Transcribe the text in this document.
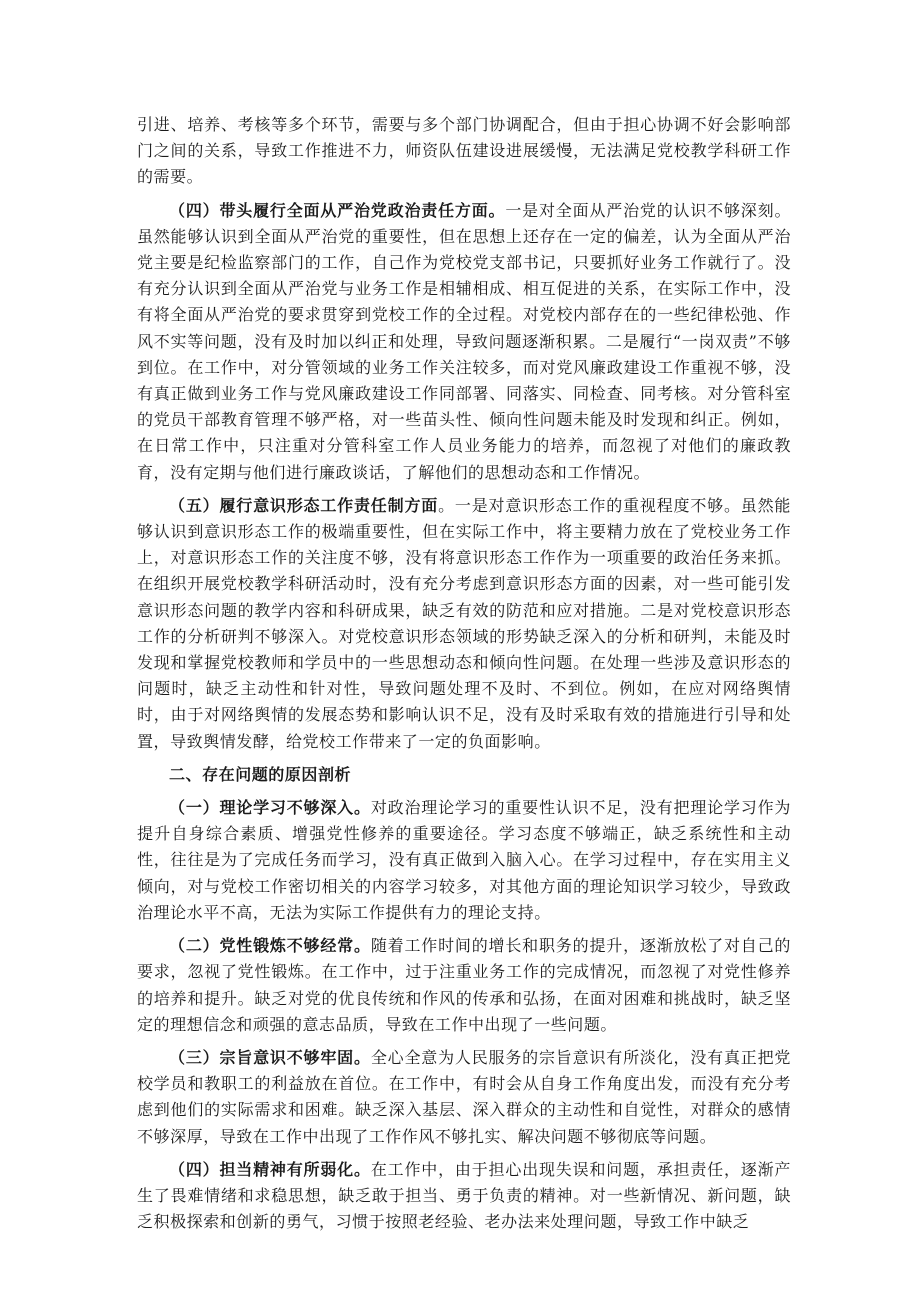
引进、培养、考核等多个环节，需要与多个部门协调配合，但由于担心协调不好会影响部门之间的关系，导致工作推进不力，师资队伍建设进展缓慢，无法满足党校教学科研工作的需要。

（四）带头履行全面从严治党政治责任方面。一是对全面从严治党的认识不够深刻。虽然能够认识到全面从严治党的重要性，但在思想上还存在一定的偏差，认为全面从严治党主要是纪检监察部门的工作，自己作为党校党支部书记，只要抓好业务工作就行了。没有充分认识到全面从严治党与业务工作是相辅相成、相互促进的关系，在实际工作中，没有将全面从严治党的要求贯穿到党校工作的全过程。对党校内部存在的一些纪律松弛、作风不实等问题，没有及时加以纠正和处理，导致问题逐渐积累。二是履行“一岗双责”不够到位。在工作中，对分管领域的业务工作关注较多，而对党风廉政建设工作重视不够，没有真正做到业务工作与党风廉政建设工作同部署、同落实、同检查、同考核。对分管科室的党员干部教育管理不够严格，对一些苗头性、倾向性问题未能及时发现和纠正。例如，在日常工作中，只注重对分管科室工作人员业务能力的培养，而忽视了对他们的廉政教育，没有定期与他们进行廉政谈话，了解他们的思想动态和工作情况。

（五）履行意识形态工作责任制方面。一是对意识形态工作的重视程度不够。虽然能够认识到意识形态工作的极端重要性，但在实际工作中，将主要精力放在了党校业务工作上，对意识形态工作的关注度不够，没有将意识形态工作作为一项重要的政治任务来抓。在组织开展党校教学科研活动时，没有充分考虑到意识形态方面的因素，对一些可能引发意识形态问题的教学内容和科研成果，缺乏有效的防范和应对措施。二是对党校意识形态工作的分析研判不够深入。对党校意识形态领域的形势缺乏深入的分析和研判，未能及时发现和掌握党校教师和学员中的一些思想动态和倾向性问题。在处理一些涉及意识形态的问题时，缺乏主动性和针对性，导致问题处理不及时、不到位。例如，在应对网络舆情时，由于对网络舆情的发展态势和影响认识不足，没有及时采取有效的措施进行引导和处置，导致舆情发酵，给党校工作带来了一定的负面影响。

二、存在问题的原因剖析

（一）理论学习不够深入。对政治理论学习的重要性认识不足，没有把理论学习作为提升自身综合素质、增强党性修养的重要途径。学习态度不够端正，缺乏系统性和主动性，往往是为了完成任务而学习，没有真正做到入脑入心。在学习过程中，存在实用主义倾向，对与党校工作密切相关的内容学习较多，对其他方面的理论知识学习较少，导致政治理论水平不高，无法为实际工作提供有力的理论支持。

（二）党性锻炼不够经常。随着工作时间的增长和职务的提升，逐渐放松了对自己的要求，忽视了党性锻炼。在工作中，过于注重业务工作的完成情况，而忽视了对党性修养的培养和提升。缺乏对党的优良传统和作风的传承和弘扬，在面对困难和挑战时，缺乏坚定的理想信念和顽强的意志品质，导致在工作中出现了一些问题。

（三）宗旨意识不够牢固。全心全意为人民服务的宗旨意识有所淡化，没有真正把党校学员和教职工的利益放在首位。在工作中，有时会从自身工作角度出发，而没有充分考虑到他们的实际需求和困难。缺乏深入基层、深入群众的主动性和自觉性，对群众的感情不够深厚，导致在工作中出现了工作作风不够扎实、解决问题不够彻底等问题。

（四）担当精神有所弱化。在工作中，由于担心出现失误和问题，承担责任，逐渐产生了畏难情绪和求稳思想，缺乏敢于担当、勇于负责的精神。对一些新情况、新问题，缺乏积极探索和创新的勇气，习惯于按照老经验、老办法来处理问题，导致工作中缺乏
